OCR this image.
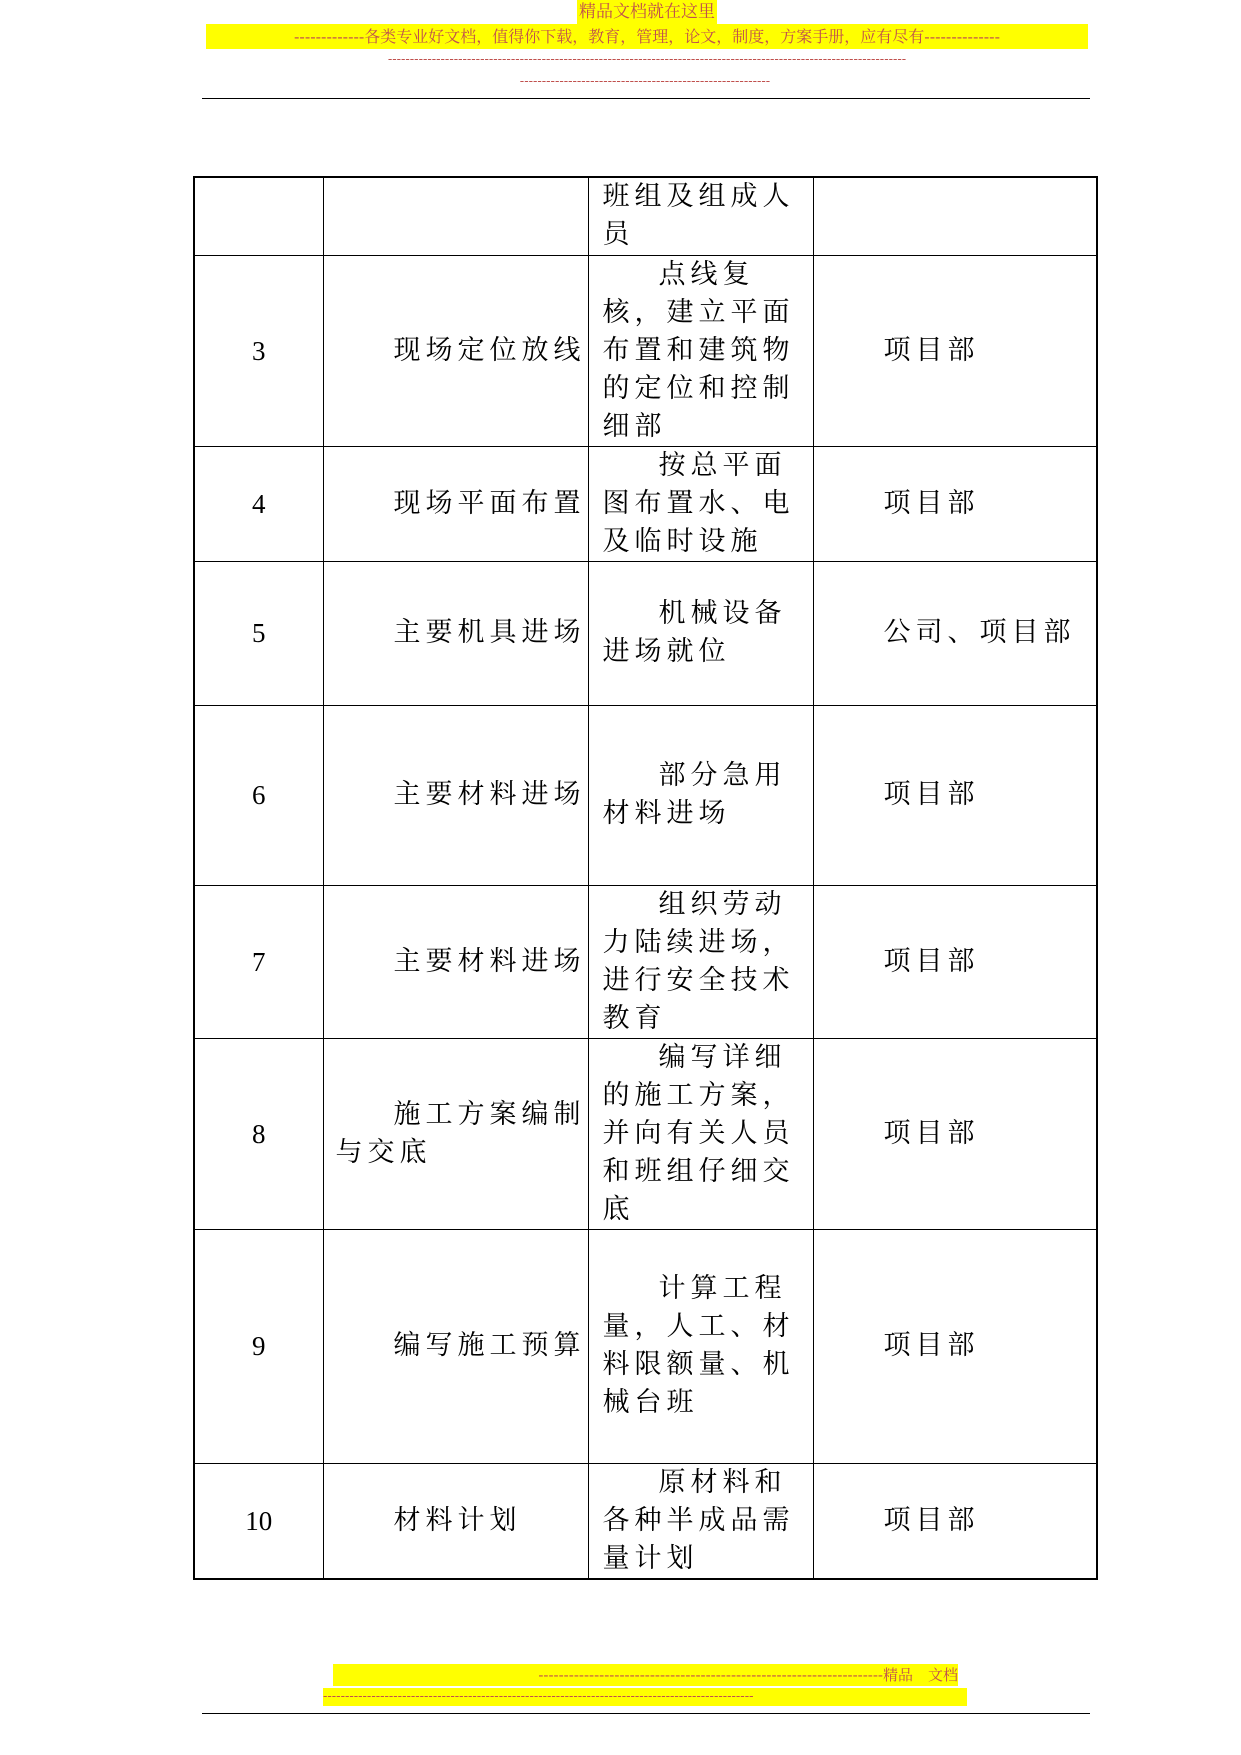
精品文档就在这里
-------------各类专业好文档，值得你下载，教育，管理，论文，制度，方案手册，应有尽有--------------
----------------------------------------------------------------------------------------------------------------------
---------------------------------------------------------
		班组及组成人员	
3	现场定位放线	点线复核，建立平面布置和建筑物的定位和控制细部	项目部
4	现场平面布置	按总平面图布置水、电及临时设施	项目部
5	主要机具进场	机械设备进场就位	公司、项目部
6	主要材料进场	部分急用材料进场	项目部
7	主要材料进场	组织劳动力陆续进场，进行安全技术教育	项目部
8	施工方案编制与交底	编写详细的施工方案，并向有关人员和班组仔细交底	项目部
9	编写施工预算	计算工程量，人工、材料限额量、机械台班	项目部
10	材料计划	原材料和各种半成品需量计划	项目部
--------------------------------------------------------------------精品　文档
--------------------------------------------------------------------------------------------------
